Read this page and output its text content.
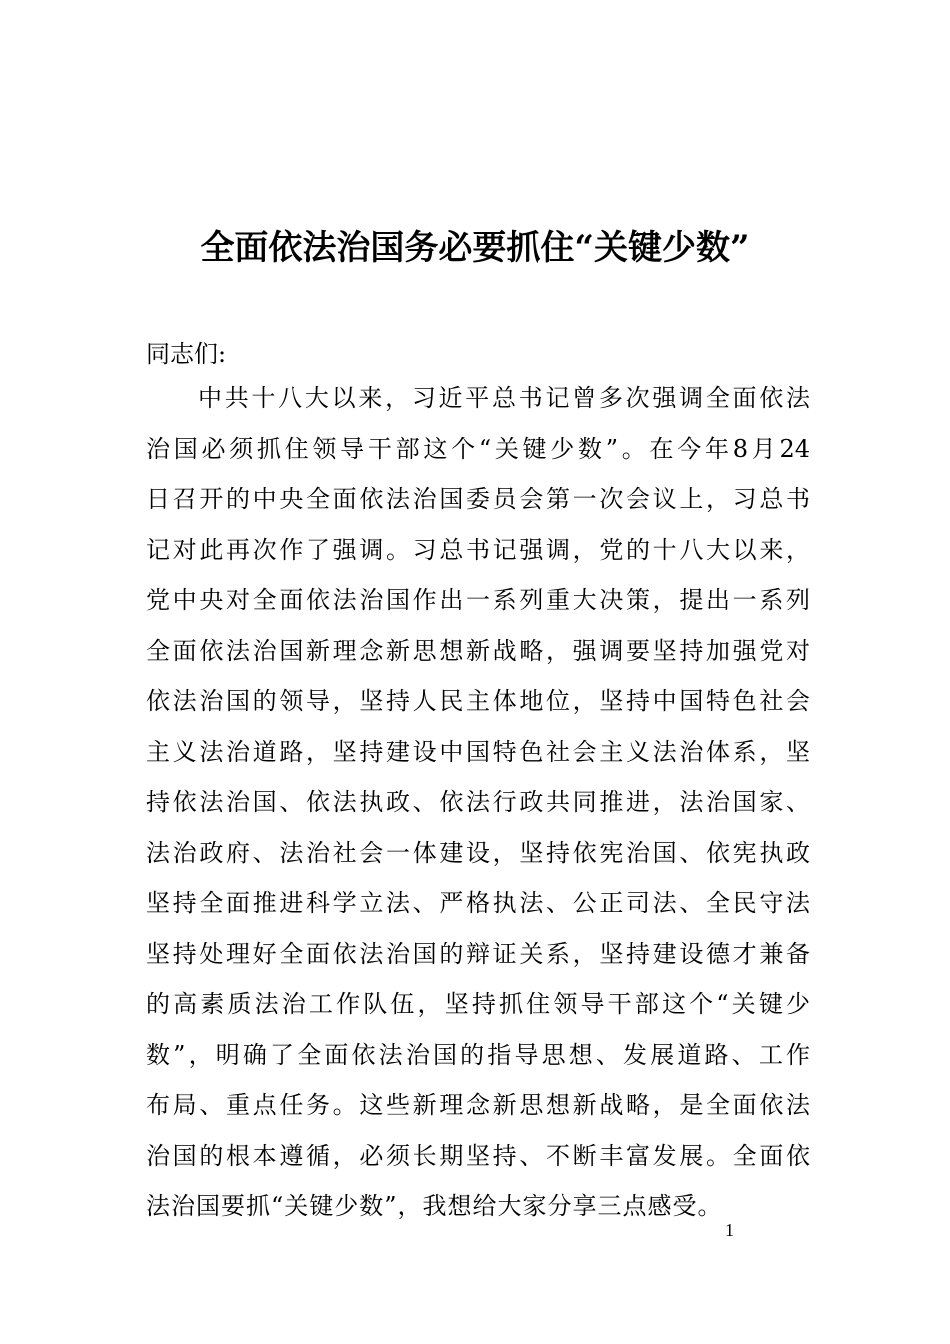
全面依法治国务必要抓住“关键少数”
同志们:
中共十八大以来，习近平总书记曾多次强调全面依法
治国必须抓住领导干部这个“关键少数”。在今年8月24
日召开的中央全面依法治国委员会第一次会议上，习总书
记对此再次作了强调。习总书记强调，党的十八大以来，
党中央对全面依法治国作出一系列重大决策，提出一系列
全面依法治国新理念新思想新战略，强调要坚持加强党对
依法治国的领导，坚持人民主体地位，坚持中国特色社会
主义法治道路，坚持建设中国特色社会主义法治体系，坚
持依法治国、依法执政、依法行政共同推进，法治国家、
法治政府、法治社会一体建设，坚持依宪治国、依宪执政
坚持全面推进科学立法、严格执法、公正司法、全民守法
坚持处理好全面依法治国的辩证关系，坚持建设德才兼备
的高素质法治工作队伍，坚持抓住领导干部这个“关键少
数”，明确了全面依法治国的指导思想、发展道路、工作
布局、重点任务。这些新理念新思想新战略，是全面依法
治国的根本遵循，必须长期坚持、不断丰富发展。全面依
法治国要抓“关键少数”，我想给大家分享三点感受。
1
